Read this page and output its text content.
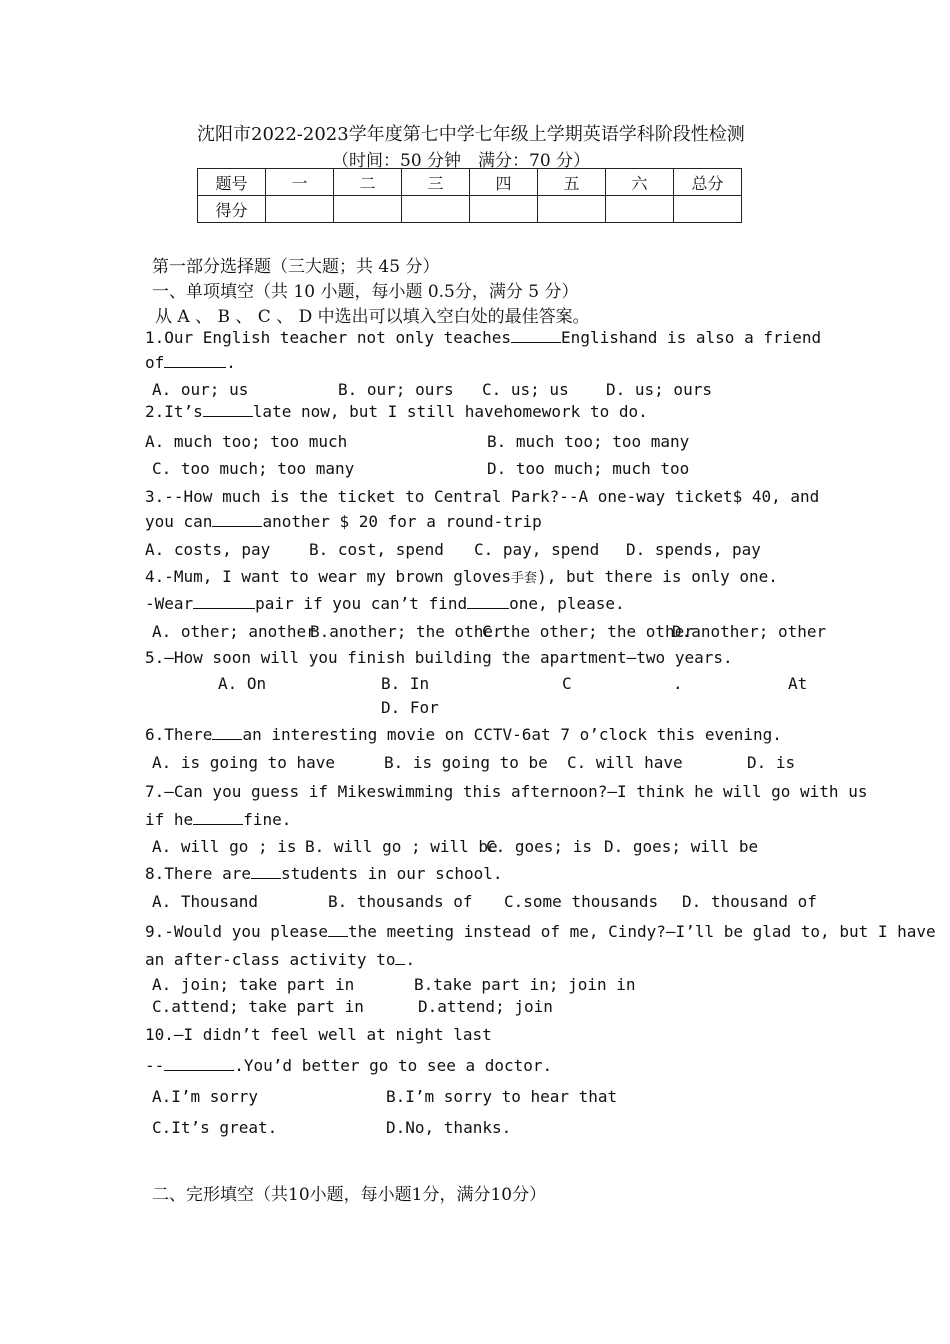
沈阳市2022-2023学年度第七中学七年级上学期英语学科阶段性检测
（时间：50 分钟　满分：70 分）
题号	一	二	三	四	五	六	总分
得分							
第一部分选择题（三大题；共 45 分）
一、单项填空（共 10 小题，每小题 0.5分，满分 5 分）
从 A 、 B 、 C 、 D 中选出可以填入空白处的最佳答案。
1.Our English teacher not only teaches	Englishand is also a friend
of	.
A. our; us	B. our; ours C. us; us D. us; ours
2.It’s	late now, but I still havehomework to do.
A. much too; too much	B. much too; too many
C. too much; too many	D. too much; much too
3.--How much is the ticket to Central Park?--A one-way ticket$ 40, and
you can	another $ 20 for a round-trip
A. costs, pay B. cost, spend C. pay, spend D. spends, pay
4.-Mum, I want to wear my brown gloves手套), but there is only one.
-Wear	pair if you can’t find	one, please.
A. other; another
B.another; the other
C.the other; the other
D.another; other
5.—How soon will you finish building the apartment—two years.
A. On	B. In	C	.	At
D. For
6.There an interesting movie on CCTV-6at 7 o’clock this evening.
A. is going to have	B. is going to be C. will have	D. is
7.—Can you guess if Mikeswimming this afternoon?—I think he will go with us
if he	fine.
A. will go ; is B. will go ; will be
C. goes; is D. goes; will be
8.There are students in our school.
A. Thousand	B. thousands of C.some thousands D. thousand of
9.-Would you please the meeting instead of me, Cindy?—I’ll be glad to, but I have
an after-class activity to .
A. join; take part in	B.take part in; join in
C.attend; take part in	D.attend; join
10.—I didn’t feel well at night last
--	.You’d better go to see a doctor.
A.I’m sorry	B.I’m sorry to hear that
C.It’s great.	D.No, thanks.
二、完形填空（共10小题，每小题1分，满分10分）
